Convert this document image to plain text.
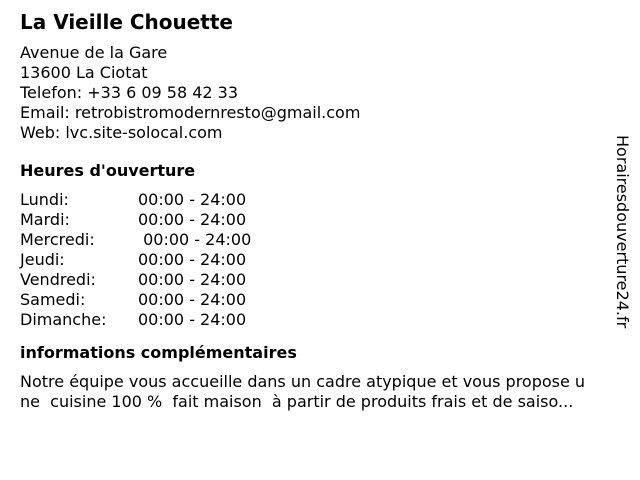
La Vieille Chouette
Avenue de la Gare
13600 La Ciotat
Telefon: +33 6 09 58 42 33
Email: retrobistromodernresto@gmail.com
Web: lvc.site-solocal.com
Heures d'ouverture
Lundi:	00:00 - 24:00
Mardi:	00:00 - 24:00
Mercredi:	00:00 - 24:00
Jeudi:	00:00 - 24:00
Vendredi:	00:00 - 24:00
Samedi:	00:00 - 24:00
Dimanche:	00:00 - 24:00
informations complémentaires
Notre équipe vous accueille dans un cadre atypique et vous propose u
ne  cuisine 100 %  fait maison  à partir de produits frais et de saiso...
Horairesdouverture24.fr
